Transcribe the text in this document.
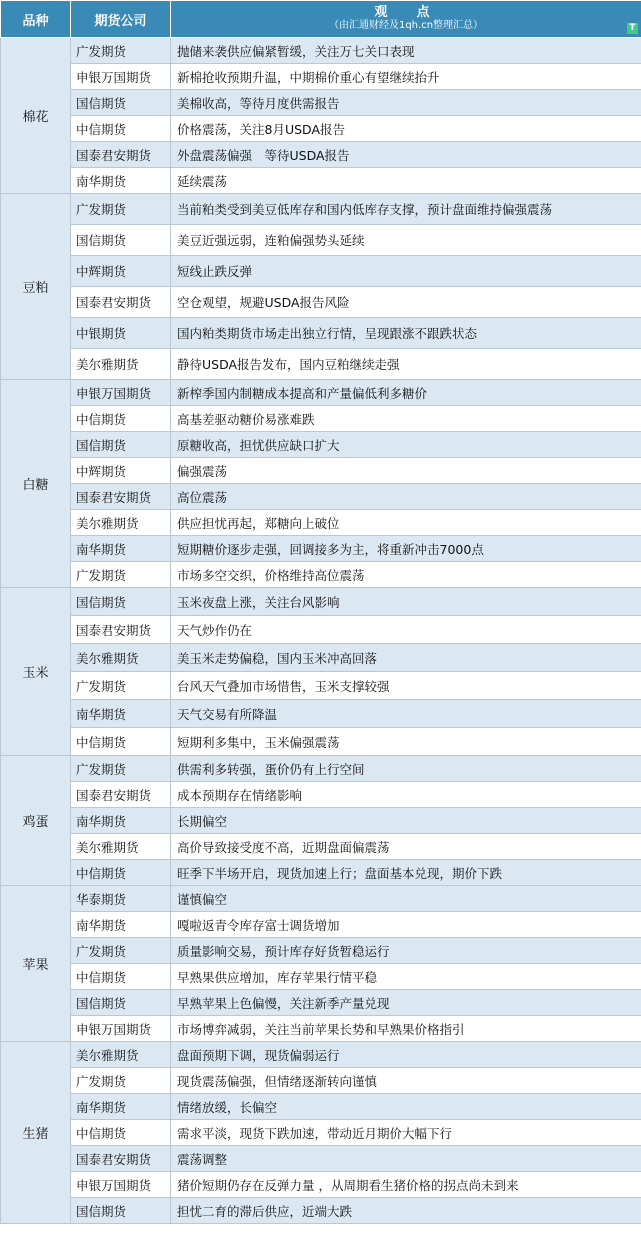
品种	期货公司	观　点
（由汇通财经及1qh.cn整理汇总） T

棉花	广发期货	抛储来袭供应偏紧暂缓，关注万七关口表现
	申银万国期货	新棉抢收预期升温，中期棉价重心有望继续抬升
	国信期货	美棉收高，等待月度供需报告
	中信期货	价格震荡，关注8月USDA报告
	国泰君安期货	外盘震荡偏强　等待USDA报告
	南华期货	延续震荡
豆粕	广发期货	当前粕类受到美豆低库存和国内低库存支撑，预计盘面维持偏强震荡
	国信期货	美豆近强远弱，连粕偏强势头延续
	中辉期货	短线止跌反弹
	国泰君安期货	空仓观望，规避USDA报告风险
	中银期货	国内粕类期货市场走出独立行情，呈现跟涨不跟跌状态
	美尔雅期货	静待USDA报告发布，国内豆粕继续走强
白糖	申银万国期货	新榨季国内制糖成本提高和产量偏低利多糖价
	中信期货	高基差驱动糖价易涨难跌
	国信期货	原糖收高，担忧供应缺口扩大
	中辉期货	偏强震荡
	国泰君安期货	高位震荡
	美尔雅期货	供应担忧再起，郑糖向上破位
	南华期货	短期糖价逐步走强，回调接多为主，将重新冲击7000点
	广发期货	市场多空交织，价格维持高位震荡
玉米	国信期货	玉米夜盘上涨，关注台风影响
	国泰君安期货	天气炒作仍在
	美尔雅期货	美玉米走势偏稳，国内玉米冲高回落
	广发期货	台风天气叠加市场惜售，玉米支撑较强
	南华期货	天气交易有所降温
	中信期货	短期利多集中，玉米偏强震荡
鸡蛋	广发期货	供需利多转强，蛋价仍有上行空间
	国泰君安期货	成本预期存在情绪影响
	南华期货	长期偏空
	美尔雅期货	高价导致接受度不高，近期盘面偏震荡
	中信期货	旺季下半场开启，现货加速上行；盘面基本兑现，期价下跌
苹果	华泰期货	谨慎偏空
	南华期货	嘎啦返青令库存富士调货增加
	广发期货	质量影响交易，预计库存好货暂稳运行
	中信期货	早熟果供应增加，库存苹果行情平稳
	国信期货	早熟苹果上色偏慢，关注新季产量兑现
	申银万国期货	市场博弈减弱，关注当前苹果长势和早熟果价格指引
生猪	美尔雅期货	盘面预期下调，现货偏弱运行
	广发期货	现货震荡偏强，但情绪逐渐转向谨慎
	南华期货	情绪放缓，长偏空
	中信期货	需求平淡，现货下跌加速，带动近月期价大幅下行
	国泰君安期货	震荡调整
	申银万国期货	猪价短期仍存在反弹力量 ，从周期看生猪价格的拐点尚未到来
	国信期货	担忧二育的滞后供应，近端大跌
